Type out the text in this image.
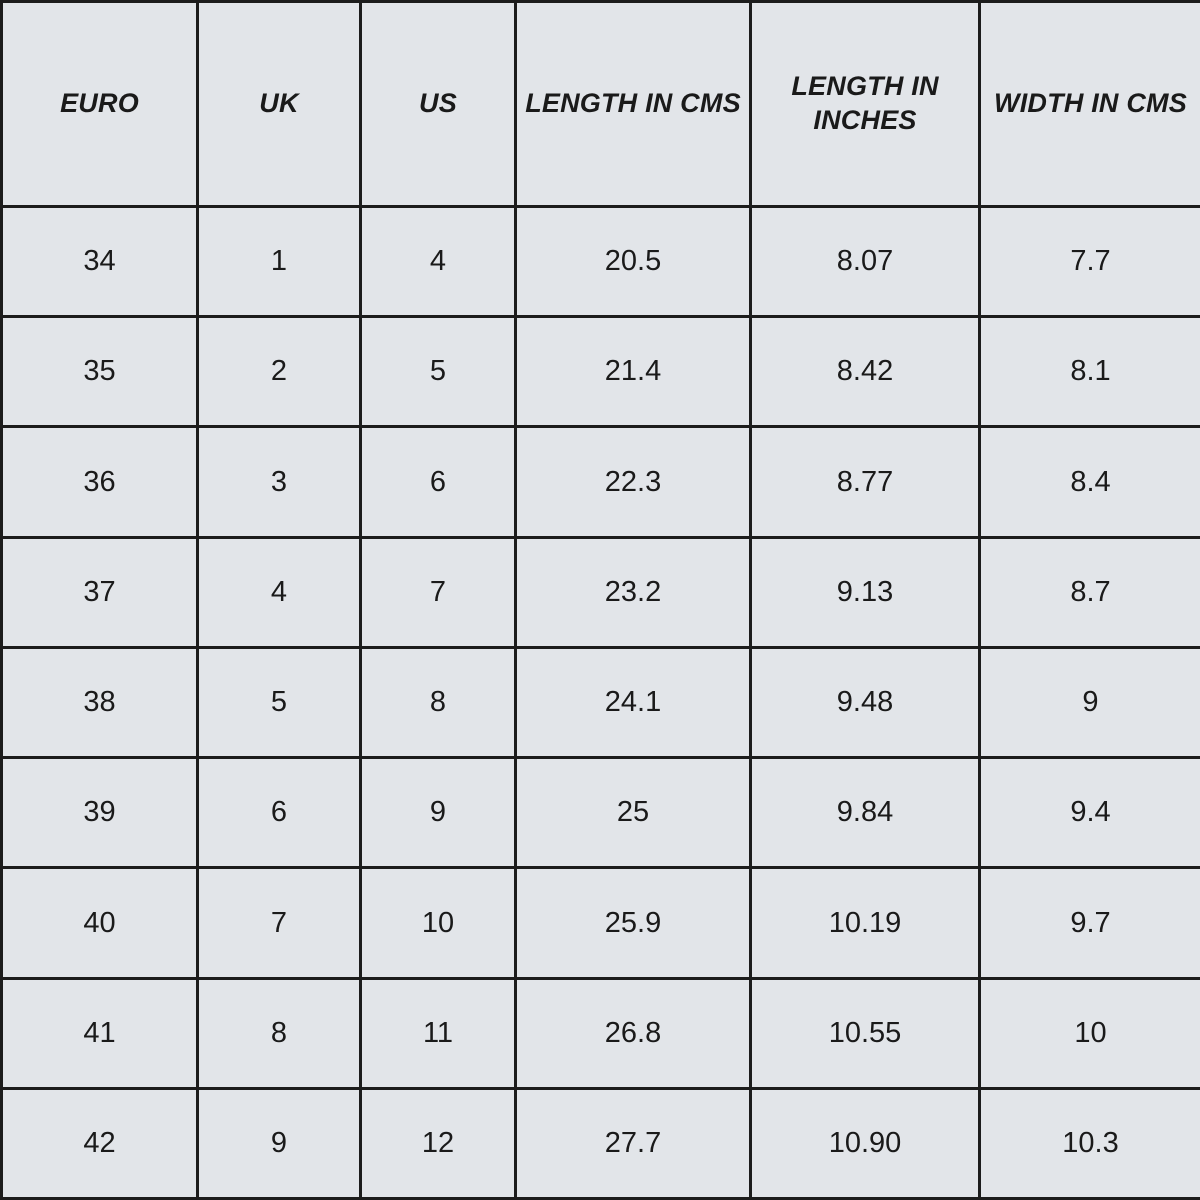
EURO	UK	US	LENGTH IN CMS	LENGTH IN INCHES	WIDTH IN CMS
34	1	4	20.5	8.07	7.7
35	2	5	21.4	8.42	8.1
36	3	6	22.3	8.77	8.4
37	4	7	23.2	9.13	8.7
38	5	8	24.1	9.48	9
39	6	9	25	9.84	9.4
40	7	10	25.9	10.19	9.7
41	8	11	26.8	10.55	10
42	9	12	27.7	10.90	10.3
